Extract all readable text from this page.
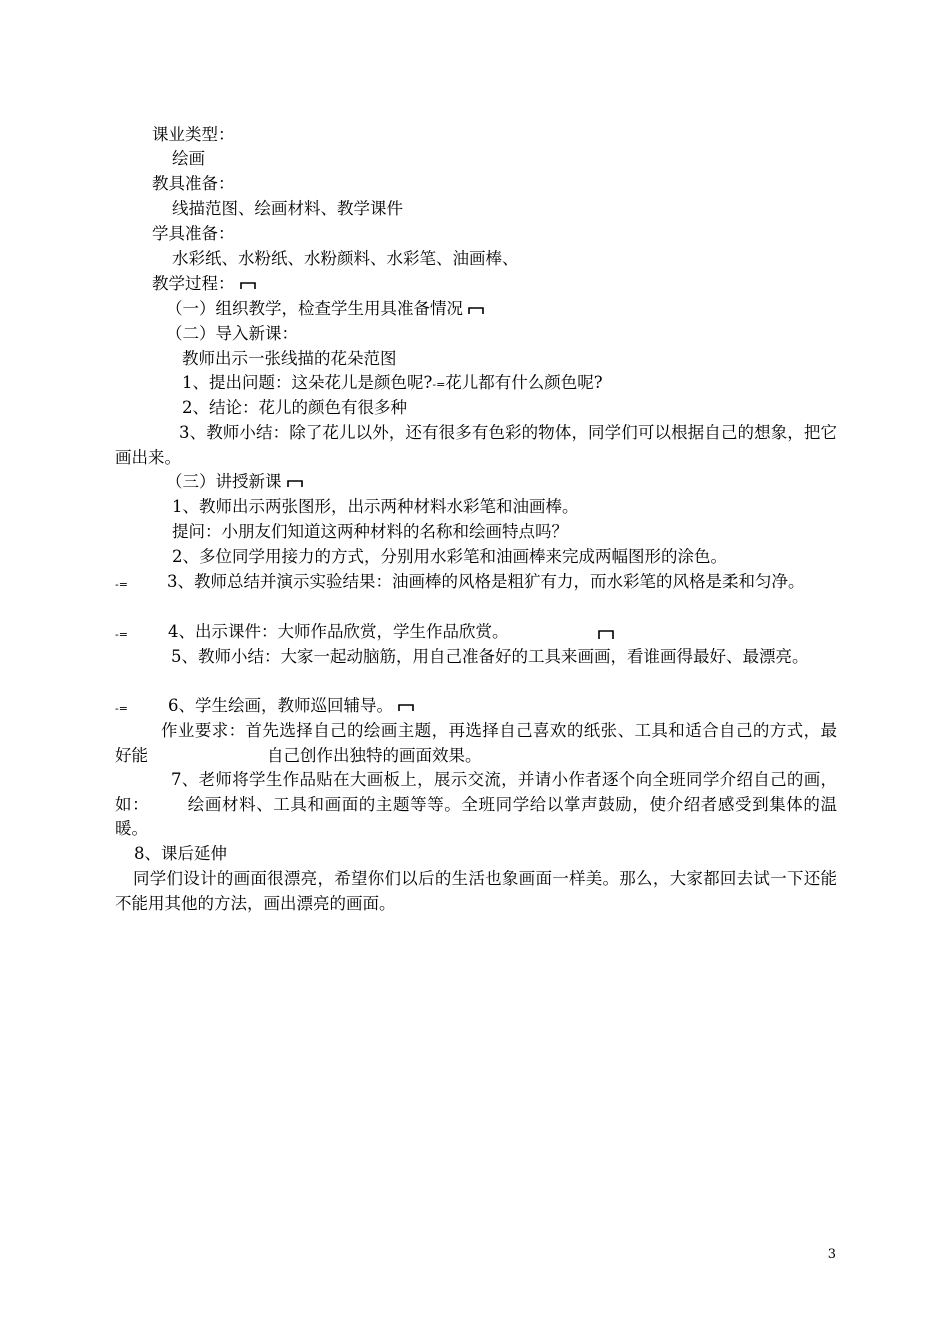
课业类型：
绘画
教具准备：
线描范图、绘画材料、教学课件
学具准备：
水彩纸、水粉纸、水粉颜料、水彩笔、油画棒、
教学过程：
（一）组织教学，检查学生用具准备情况
（二）导入新课：
教师出示一张线描的花朵范图
1、提出问题：这朵花儿是颜色呢?-=花儿都有什么颜色呢?
2、结论：花儿的颜色有很多种
3、教师小结：除了花儿以外，还有很多有色彩的物体，同学们可以根据自己的想象，把它画出来。
（三）讲授新课
1、教师出示两张图形，出示两种材料水彩笔和油画棒。
提问：小朋友们知道这两种材料的名称和绘画特点吗？
2、多位同学用接力的方式，分别用水彩笔和油画棒来完成两幅图形的涂色。
-=	3、教师总结并演示实验结果：油画棒的风格是粗犷有力，而水彩笔的风格是柔和匀净。
-= 4、出示课件：大师作品欣赏，学生作品欣赏。
5、教师小结：大家一起动脑筋，用自己准备好的工具来画画，看谁画得最好、最漂亮。
-= 6、学生绘画，教师巡回辅导。
作业要求：首先选择自己的绘画主题，再选择自己喜欢的纸张、工具和适合自己的方式，最好能	自己创作出独特的画面效果。
7、老师将学生作品贴在大画板上，展示交流，并请小作者逐个向全班同学介绍自己的画，如： 绘画材料、工具和画面的主题等等。全班同学给以掌声鼓励，使介绍者感受到集体的温暖。
8、课后延伸
同学们设计的画面很漂亮，希望你们以后的生活也象画面一样美。那么，大家都回去试一下还能不能用其他的方法，画出漂亮的画面。
3
